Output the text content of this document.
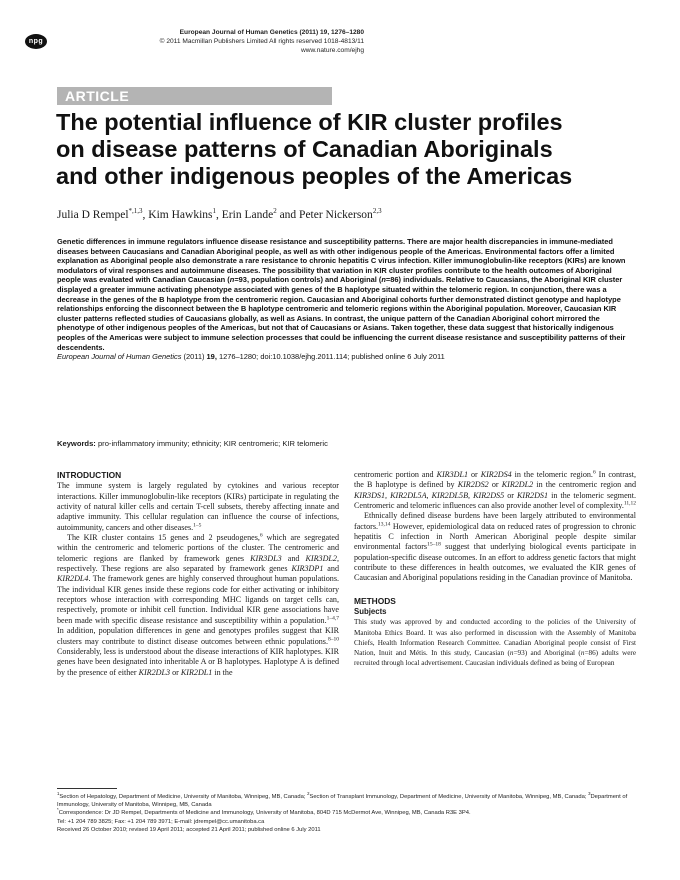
npg
European Journal of Human Genetics (2011) 19, 1276–1280
© 2011 Macmillan Publishers Limited All rights reserved 1018-4813/11
www.nature.com/ejhg
ARTICLE
The potential influence of KIR cluster profiles
on disease patterns of Canadian Aboriginals
and other indigenous peoples of the Americas
Julia D Rempel$^{*,1,3}$, Kim Hawkins$^1$, Erin Lande$^2$ and Peter Nickerson$^{2,3}$
Genetic differences in immune regulators influence disease resistance and susceptibility patterns. There are major health discrepancies in immune-mediated diseases between Caucasians and Canadian Aboriginal people, as well as with other indigenous people of the Americas. Environmental factors offer a limited explanation as Aboriginal people also demonstrate a rare resistance to chronic hepatitis C virus infection. Killer immunoglobulin-like receptors (KIRs) are known modulators of viral responses and autoimmune diseases. The possibility that variation in KIR cluster profiles contribute to the health outcomes of Aboriginal people was evaluated with Canadian Caucasian (n=93, population controls) and Aboriginal (n=86) individuals. Relative to Caucasians, the Aboriginal KIR cluster displayed a greater immune activating phenotype associated with genes of the B haplotype situated within the telomeric region. In conjunction, there was a decrease in the genes of the B haplotype from the centromeric region. Caucasian and Aboriginal cohorts further demonstrated distinct genotype and haplotype relationships enforcing the disconnect between the B haplotype centromeric and telomeric regions within the Aboriginal population. Moreover, Caucasian KIR cluster patterns reflected studies of Caucasians globally, as well as Asians. In contrast, the unique pattern of the Canadian Aboriginal cohort mirrored the phenotype of other indigenous peoples of the Americas, but not that of Caucasians or Asians. Taken together, these data suggest that historically indigenous peoples of the Americas were subject to immune selection processes that could be influencing the current disease resistance and susceptibility patterns of their descendents.
European Journal of Human Genetics (2011) 19, 1276–1280; doi:10.1038/ejhg.2011.114; published online 6 July 2011
Keywords: pro-inflammatory immunity; ethnicity; KIR centromeric; KIR telomeric
INTRODUCTION

The immune system is largely regulated by cytokines and various receptor interactions. Killer immunoglobulin-like receptors (KIRs) participate in regulating the activity of natural killer cells and certain T-cell subsets, thereby affecting innate and adaptive immunity. This cellular regulation can influence the course of infections, autoimmunity, cancers and other diseases.$^{1-5}$

The KIR cluster contains 15 genes and 2 pseudogenes,$^6$ which are segregated within the centromeric and telomeric portions of the cluster. The centromeric and telomeric regions are flanked by framework genes KIR3DL3 and KIR3DL2, respectively. These regions are also separated by framework genes KIR3DP1 and KIR2DL4. The framework genes are highly conserved throughout human populations. The individual KIR genes inside these regions code for either activating or inhibitory receptors whose interaction with corresponding MHC ligands on target cells can, respectively, promote or inhibit cell function. Individual KIR gene associations have been made with specific disease resistance and susceptibility within a population.$^{1-4,7}$ In addition, population differences in gene and genotypes profiles suggest that KIR clusters may contribute to distinct disease outcomes between ethnic populations.$^{8-10}$ Considerably, less is understood about the disease interactions of KIR haplotypes. KIR genes have been designated into inheritable A or B haplotypes. Haplotype A is defined by the presence of either KIR2DL3 or KIR2DL1 in the

centromeric portion and KIR3DL1 or KIR2DS4 in the telomeric region.$^6$ In contrast, the B haplotype is defined by KIR2DS2 or KIR2DL2 in the centromeric region and KIR3DS1, KIR2DL5A, KIR2DL5B, KIR2DS5 or KIR2DS1 in the telomeric segment. Centromeric and telomeric influences can also provide another level of complexity.$^{11,12}$

Ethnically defined disease burdens have been largely attributed to environmental factors.$^{13,14}$ However, epidemiological data on reduced rates of progression to chronic hepatitis C infection in North American Aboriginal people despite similar environmental factors$^{15-18}$ suggest that underlying biological events participate in population-specific disease outcomes. In an effort to address genetic factors that might contribute to these differences in health outcomes, we evaluated the KIR genes of Caucasian and Aboriginal populations residing in the Canadian province of Manitoba.

METHODS
Subjects

This study was approved by and conducted according to the policies of the University of Manitoba Ethics Board. It was also performed in discussion with the Assembly of Manitoba Chiefs, Health Information Research Committee. Canadian Aboriginal people consist of First Nation, Inuit and Métis. In this study, Caucasian (n=93) and Aboriginal (n=86) adults were recruited through local advertisement. Caucasian individuals defined as being of European

$^1$Section of Hepatology, Department of Medicine, University of Manitoba, Winnipeg, MB, Canada; $^2$Section of Transplant Immunology, Department of Medicine, University of Manitoba, Winnipeg, MB, Canada; $^3$Department of Immunology, University of Manitoba, Winnipeg, MB, Canada
*Correspondence: Dr JD Rempel, Departments of Medicine and Immunology, University of Manitoba, 804D 715 McDermot Ave, Winnipeg, MB, Canada R3E 3P4.
Tel: +1 204 789 3825; Fax: +1 204 789 3971; E-mail: jdrempel@cc.umanitoba.ca
Received 26 October 2010; revised 19 April 2011; accepted 21 April 2011; published online 6 July 2011
